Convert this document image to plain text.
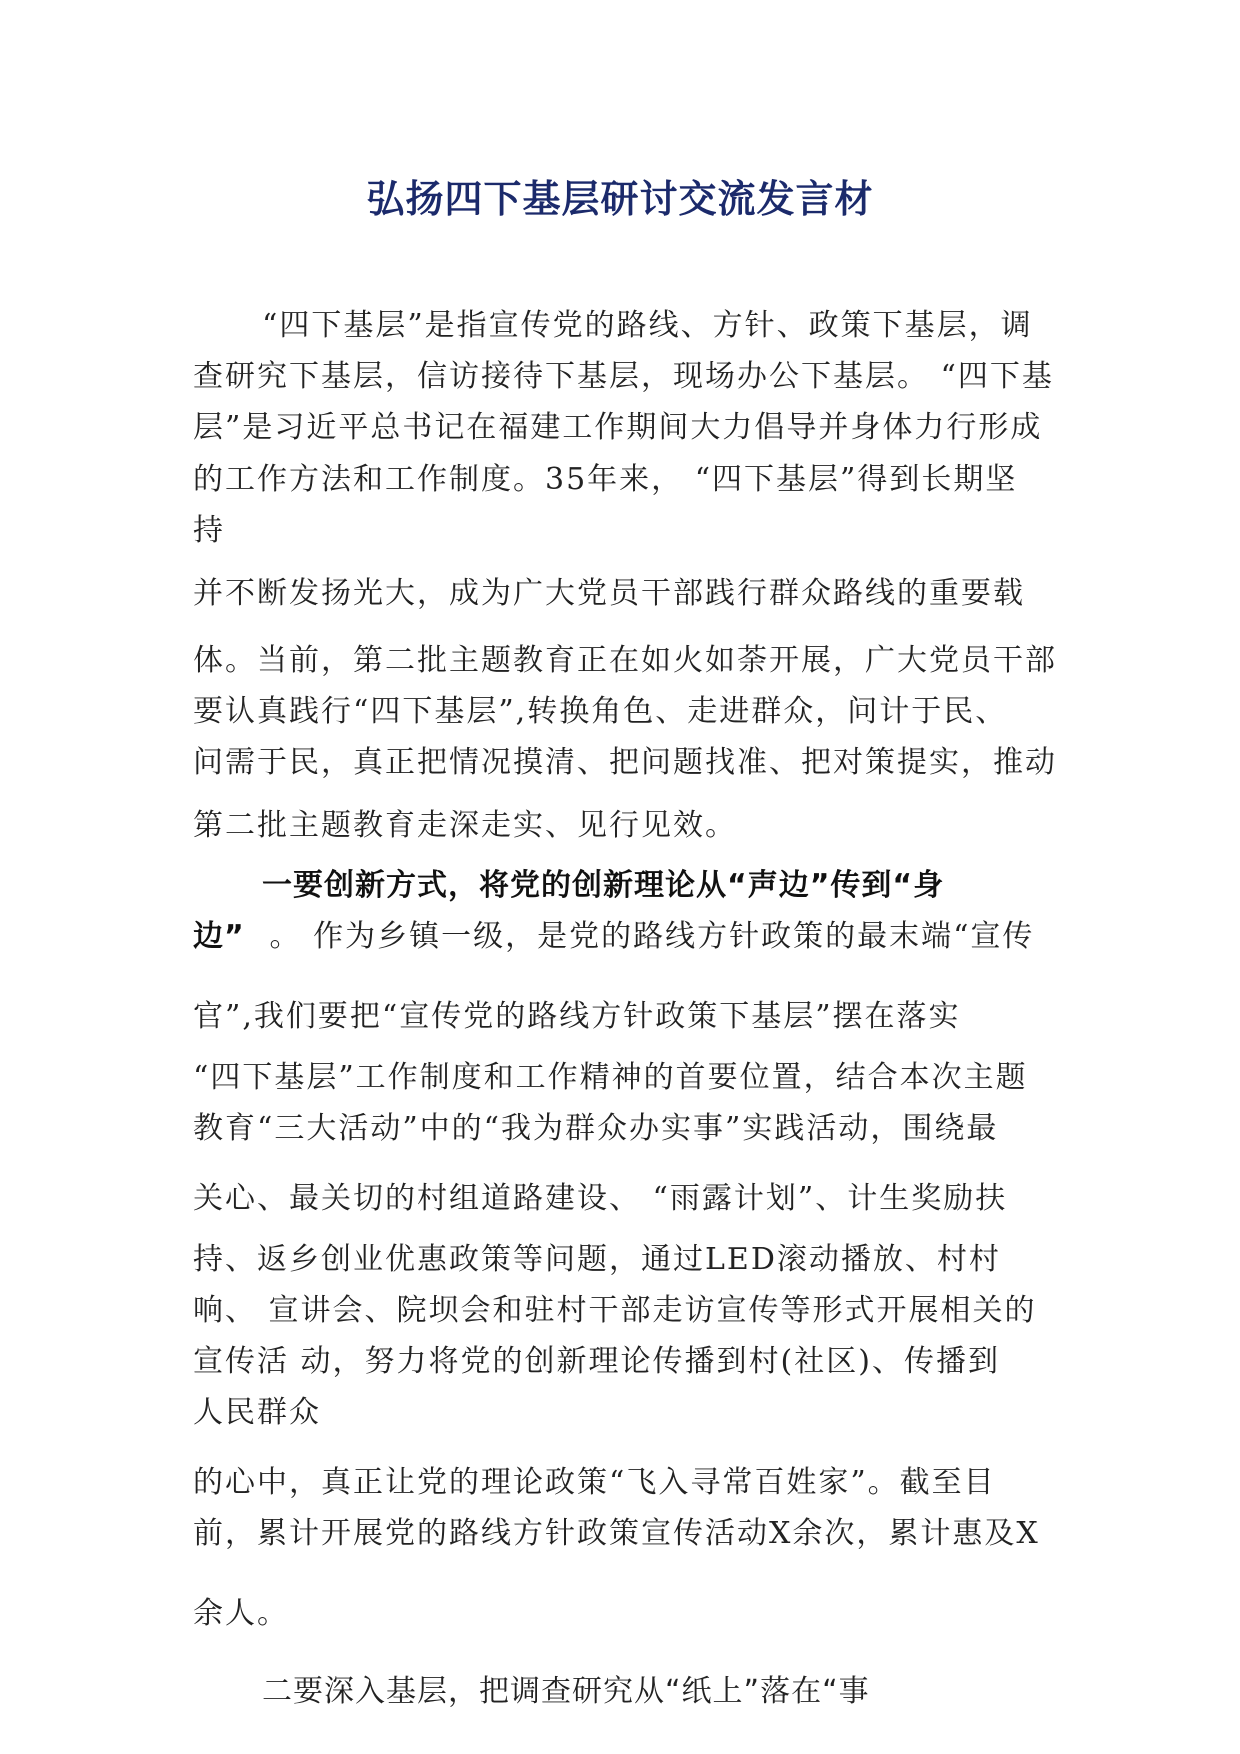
弘扬四下基层研讨交流发言材
“四下基层”是指宣传党的路线、方针、政策下基层，调
查研究下基层，信访接待下基层，现场办公下基层。 “四下基
层”是习近平总书记在福建工作期间大力倡导并身体力行形成
的工作方法和工作制度。35年来， “四下基层”得到长期坚
持
并不断发扬光大，成为广大党员干部践行群众路线的重要载
体。当前，第二批主题教育正在如火如荼开展，广大党员干部
要认真践行“四下基层”,转换角色、走进群众，问计于民、
问需于民，真正把情况摸清、把问题找准、把对策提实，推动
第二批主题教育走深走实、见行见效。
一要创新方式，将党的创新理论从“声边”传到“身
边” 。 作为乡镇一级，是党的路线方针政策的最末端“宣传
官”,我们要把“宣传党的路线方针政策下基层”摆在落实
“四下基层”工作制度和工作精神的首要位置，结合本次主题
教育“三大活动”中的“我为群众办实事”实践活动，围绕最
关心、最关切的村组道路建设、 “雨露计划”、计生奖励扶
持、返乡创业优惠政策等问题，通过LED滚动播放、村村
响、 宣讲会、院坝会和驻村干部走访宣传等形式开展相关的
宣传活 动，努力将党的创新理论传播到村(社区)、传播到
人民群众
的心中，真正让党的理论政策“飞入寻常百姓家”。截至目
前，累计开展党的路线方针政策宣传活动X余次，累计惠及X
余人。
二要深入基层，把调查研究从“纸上”落在“事
